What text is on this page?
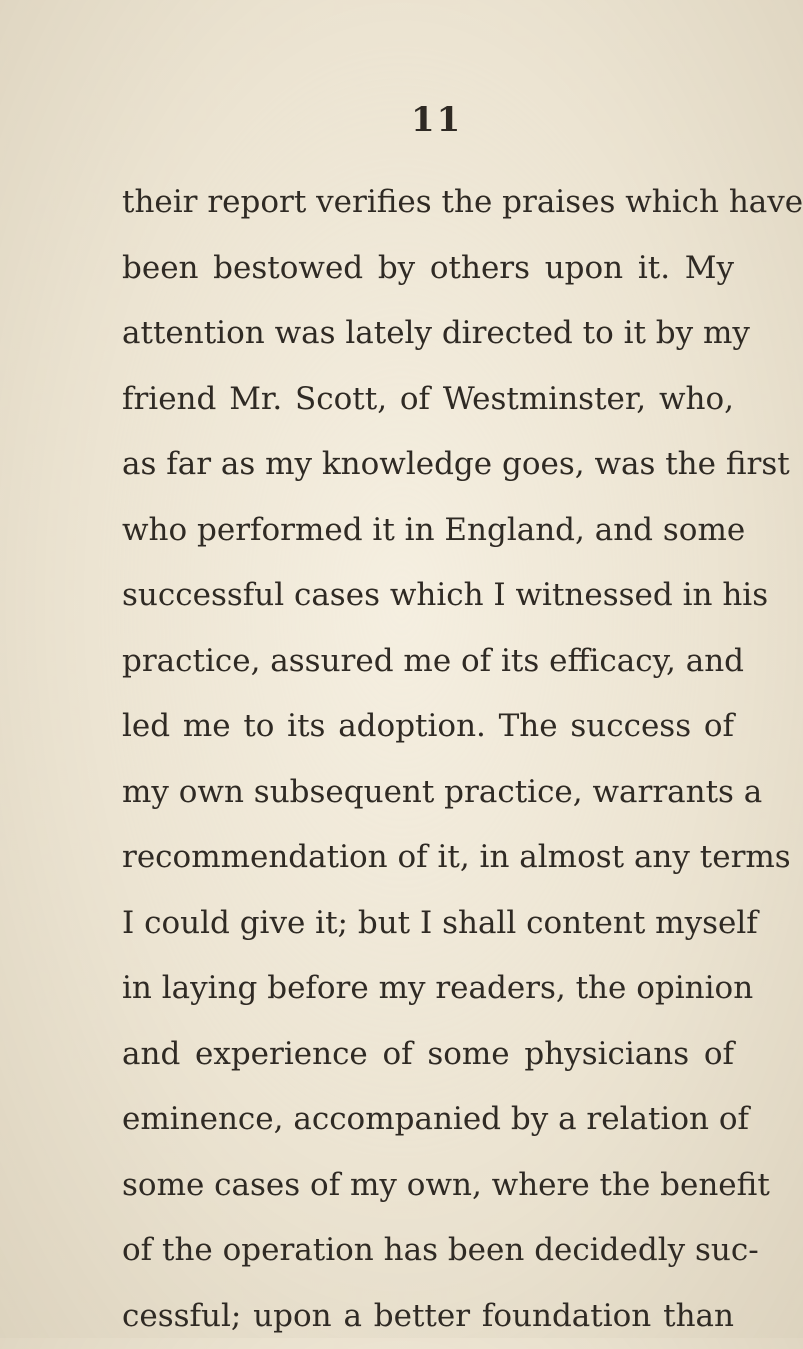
11
their report verifies the praises which have
been bestowed by others upon it. My
attention was lately directed to it by my
friend Mr. Scott, of Westminster, who,
as far as my knowledge goes, was the first
who performed it in England, and some
successful cases which I witnessed in his
practice, assured me of its efficacy, and
led me to its adoption. The success of
my own subsequent practice, warrants a
recommendation of it, in almost any terms
I could give it; but I shall content myself
in laying before my readers, the opinion
and experience of some physicians of
eminence, accompanied by a relation of
some cases of my own, where the benefit
of the operation has been decidedly suc-
cessful; upon a better foundation than
